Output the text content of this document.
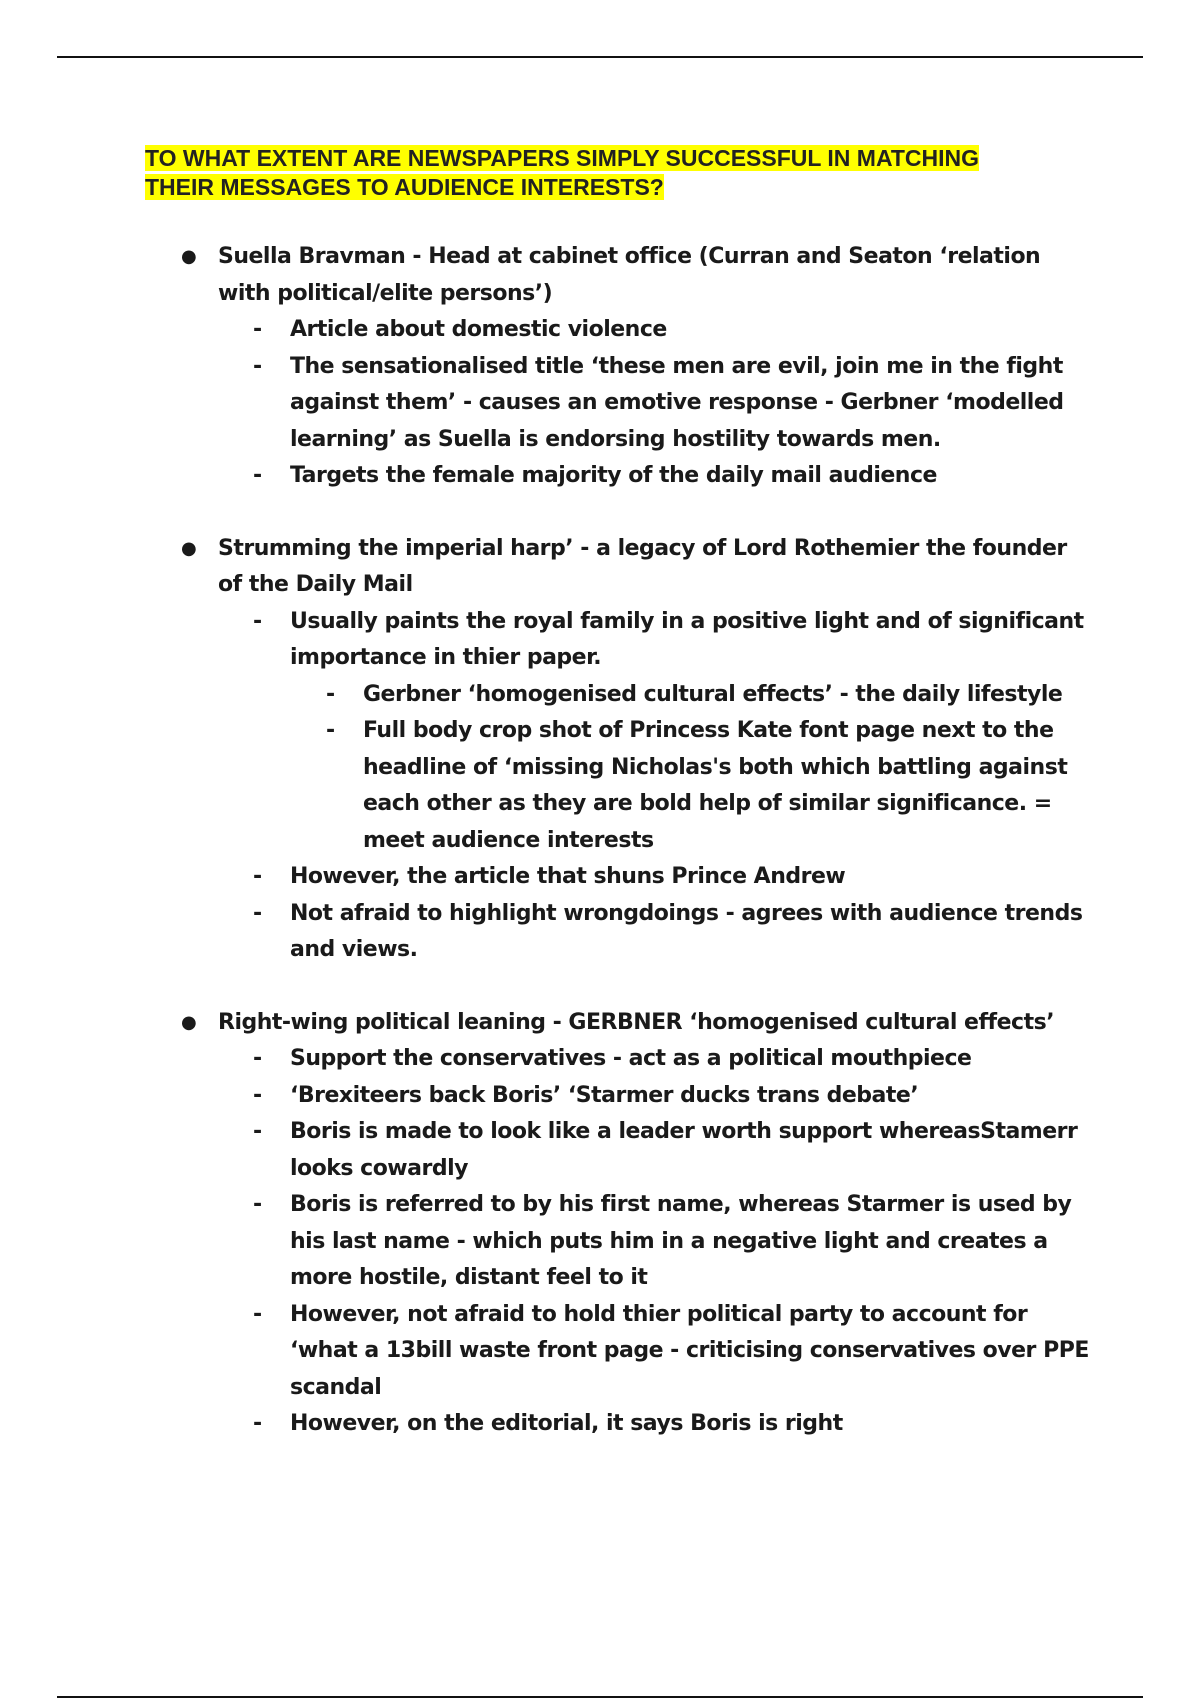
TO WHAT EXTENT ARE NEWSPAPERS SIMPLY SUCCESSFUL IN MATCHING
THEIR MESSAGES TO AUDIENCE INTERESTS?
● Suella Bravman - Head at cabinet office (Curran and Seaton ‘relation with political/elite persons’)
- Article about domestic violence
- The sensationalised title ‘these men are evil, join me in the fight against them’ - causes an emotive response - Gerbner ‘modelled learning’ as Suella is endorsing hostility towards men.
- Targets the female majority of the daily mail audience
● Strumming the imperial harp’ - a legacy of Lord Rothemier the founder of the Daily Mail
- Usually paints the royal family in a positive light and of significant importance in thier paper.
- Gerbner ‘homogenised cultural effects’ - the daily lifestyle
- Full body crop shot of Princess Kate font page next to the headline of ‘missing Nicholas's both which battling against each other as they are bold help of similar significance. = meet audience interests
- However, the article that shuns Prince Andrew
- Not afraid to highlight wrongdoings - agrees with audience trends and views.
● Right-wing political leaning - GERBNER ‘homogenised cultural effects’
- Support the conservatives - act as a political mouthpiece
- ‘Brexiteers back Boris’ ‘Starmer ducks trans debate’
- Boris is made to look like a leader worth support whereasStamerr looks cowardly
- Boris is referred to by his first name, whereas Starmer is used by his last name - which puts him in a negative light and creates a more hostile, distant feel to it
- However, not afraid to hold thier political party to account for ‘what a 13bill waste front page - criticising conservatives over PPE scandal
- However, on the editorial, it says Boris is right
